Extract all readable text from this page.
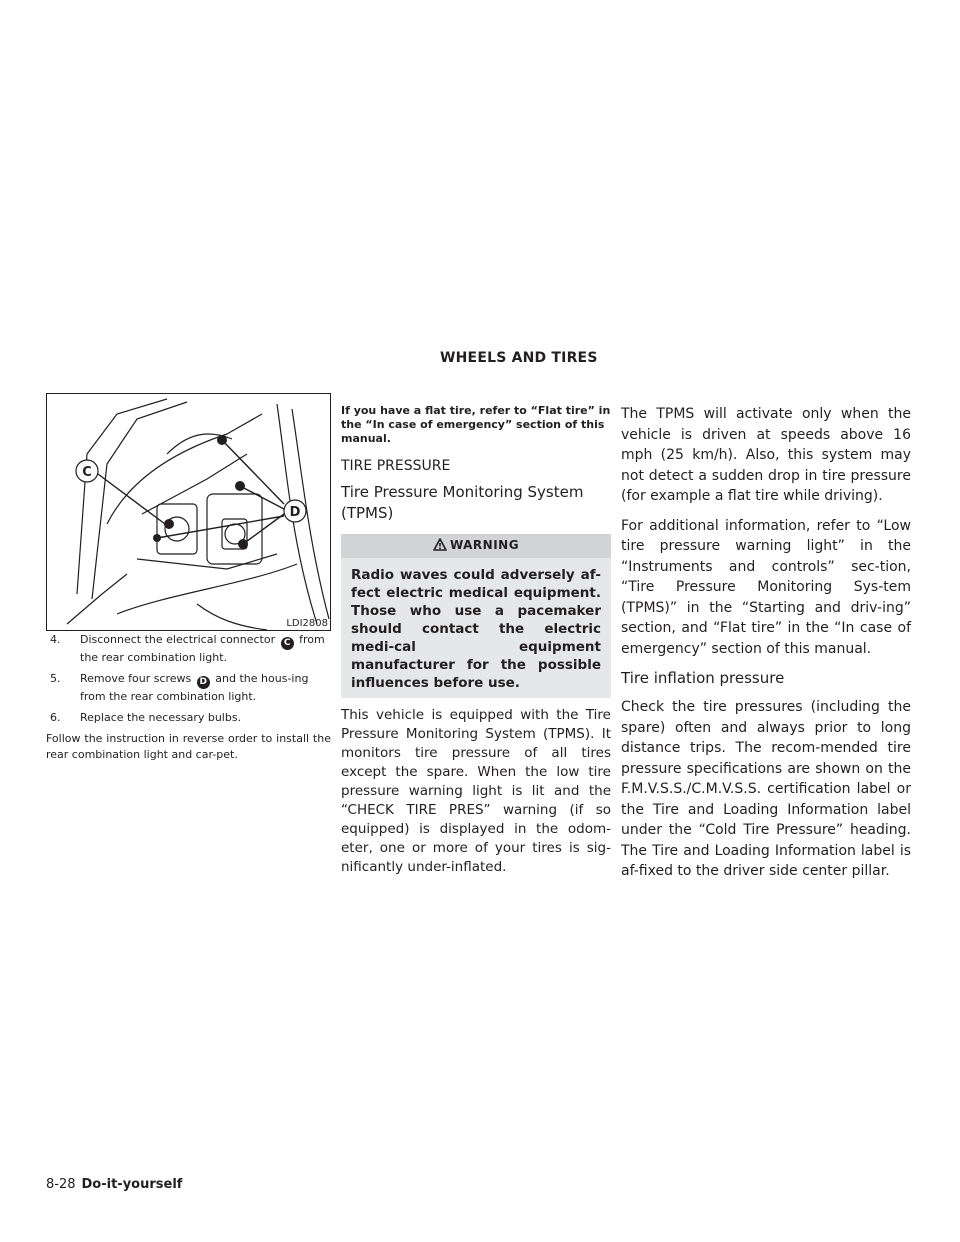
WHEELS AND TIRES
C
D
LDI2808
4. Disconnect the electrical connector C from the rear combination light.
5. Remove four screws D and the hous-ing from the rear combination light.
6. Replace the necessary bulbs.
Follow the instruction in reverse order to install the rear combination light and car-pet.

If you have a flat tire, refer to “Flat tire” in the “In case of emergency” section of this manual.

TIRE PRESSURE

Tire Pressure Monitoring System (TPMS)

WARNING
Radio waves could adversely af-fect electric medical equipment. Those who use a pacemaker should contact the electric medi-cal equipment manufacturer for the possible influences before use.

This vehicle is equipped with the Tire Pressure Monitoring System (TPMS). It monitors tire pressure of all tires except the spare. When the low tire pressure warning light is lit and the “CHECK TIRE PRES” warning (if so equipped) is displayed in the odom-eter, one or more of your tires is sig-nificantly under-inflated.

The TPMS will activate only when the vehicle is driven at speeds above 16 mph (25 km/h). Also, this system may not detect a sudden drop in tire pressure (for example a flat tire while driving).

For additional information, refer to “Low tire pressure warning light” in the “Instruments and controls” sec-tion, “Tire Pressure Monitoring Sys-tem (TPMS)” in the “Starting and driv-ing” section, and “Flat tire” in the “In case of emergency” section of this manual.

Tire inflation pressure

Check the tire pressures (including the spare) often and always prior to long distance trips. The recom-mended tire pressure specifications are shown on the F.M.V.S.S./C.M.V.S.S. certification label or the Tire and Loading Information label under the “Cold Tire Pressure” heading. The Tire and Loading Information label is af-fixed to the driver side center pillar.

8-28 Do-it-yourself
